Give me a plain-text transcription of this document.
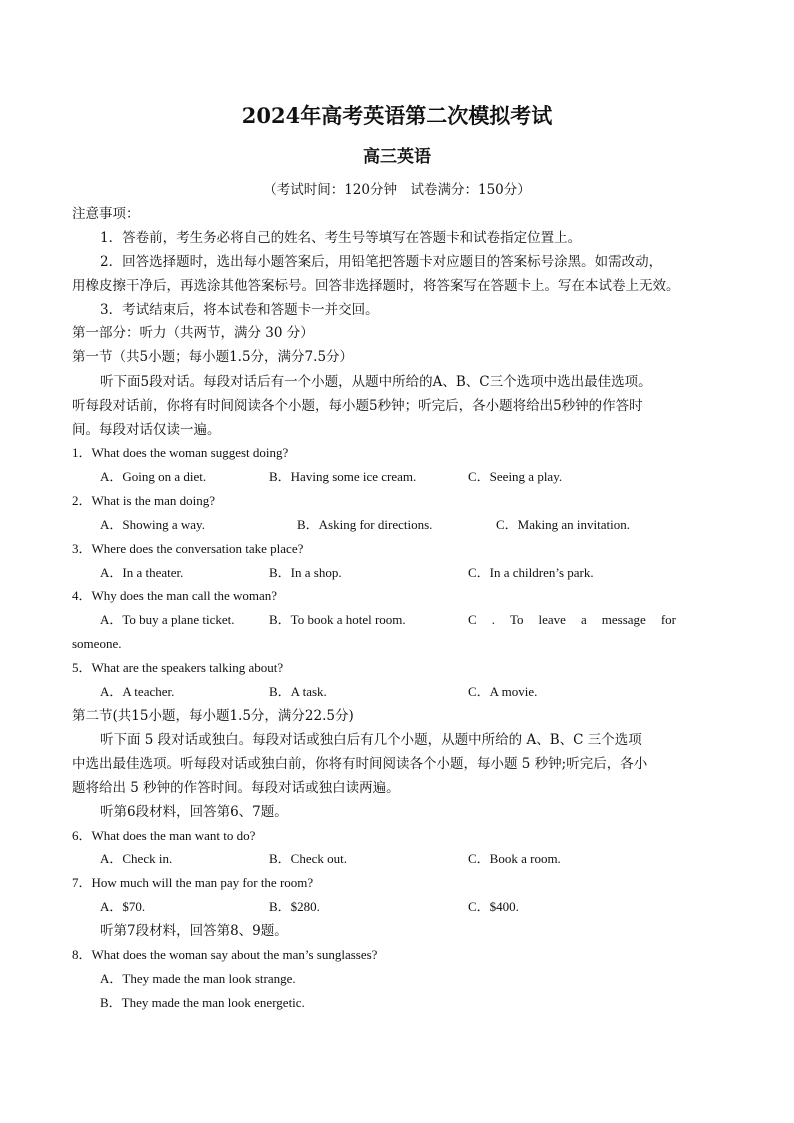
2024年高考英语第二次模拟考试
高三英语
（考试时间：120分钟　试卷满分：150分）
注意事项：
1．答卷前，考生务必将自己的姓名、考生号等填写在答题卡和试卷指定位置上。
2．回答选择题时，选出每小题答案后，用铅笔把答题卡对应题目的答案标号涂黑。如需改动，
用橡皮擦干净后，再选涂其他答案标号。回答非选择题时，将答案写在答题卡上。写在本试卷上无效。
3．考试结束后，将本试卷和答题卡一并交回。
第一部分：听力（共两节，满分 30 分）
第一节（共5小题；每小题1.5分，满分7.5分）
听下面5段对话。每段对话后有一个小题，从题中所给的A、B、C三个选项中选出最佳选项。
听每段对话前，你将有时间阅读各个小题，每小题5秒钟；听完后，各小题将给出5秒钟的作答时
间。每段对话仅读一遍。
1．What does the woman suggest doing?
A．Going on a diet.	B．Having some ice cream.	C．Seeing a play.
2．What is the man doing?
A．Showing a way.	B．Asking for directions.	C．Making an invitation.
3．Where does the conversation take place?
A．In a theater.	B．In a shop.	C．In a children’s park.
4．Why does the man call the woman?
A．To buy a plane ticket.	B．To book a hotel room.	C . To leave a message for
someone.
5．What are the speakers talking about?
A．A teacher.	B．A task.	C．A movie.
第二节(共15小题，每小题1.5分，满分22.5分)
听下面 5 段对话或独白。每段对话或独白后有几个小题，从题中所给的 A、B、C 三个选项
中选出最佳选项。听每段对话或独白前，你将有时间阅读各个小题，每小题 5 秒钟;听完后，各小
题将给出 5 秒钟的作答时间。每段对话或独白读两遍。
听第6段材料，回答第6、7题。
6．What does the man want to do?
A．Check in.	B．Check out.	C．Book a room.
7．How much will the man pay for the room?
A．$70.	B．$280.	C．$400.
听第7段材料，回答第8、9题。
8．What does the woman say about the man’s sunglasses?
A．They made the man look strange.
B．They made the man look energetic.
